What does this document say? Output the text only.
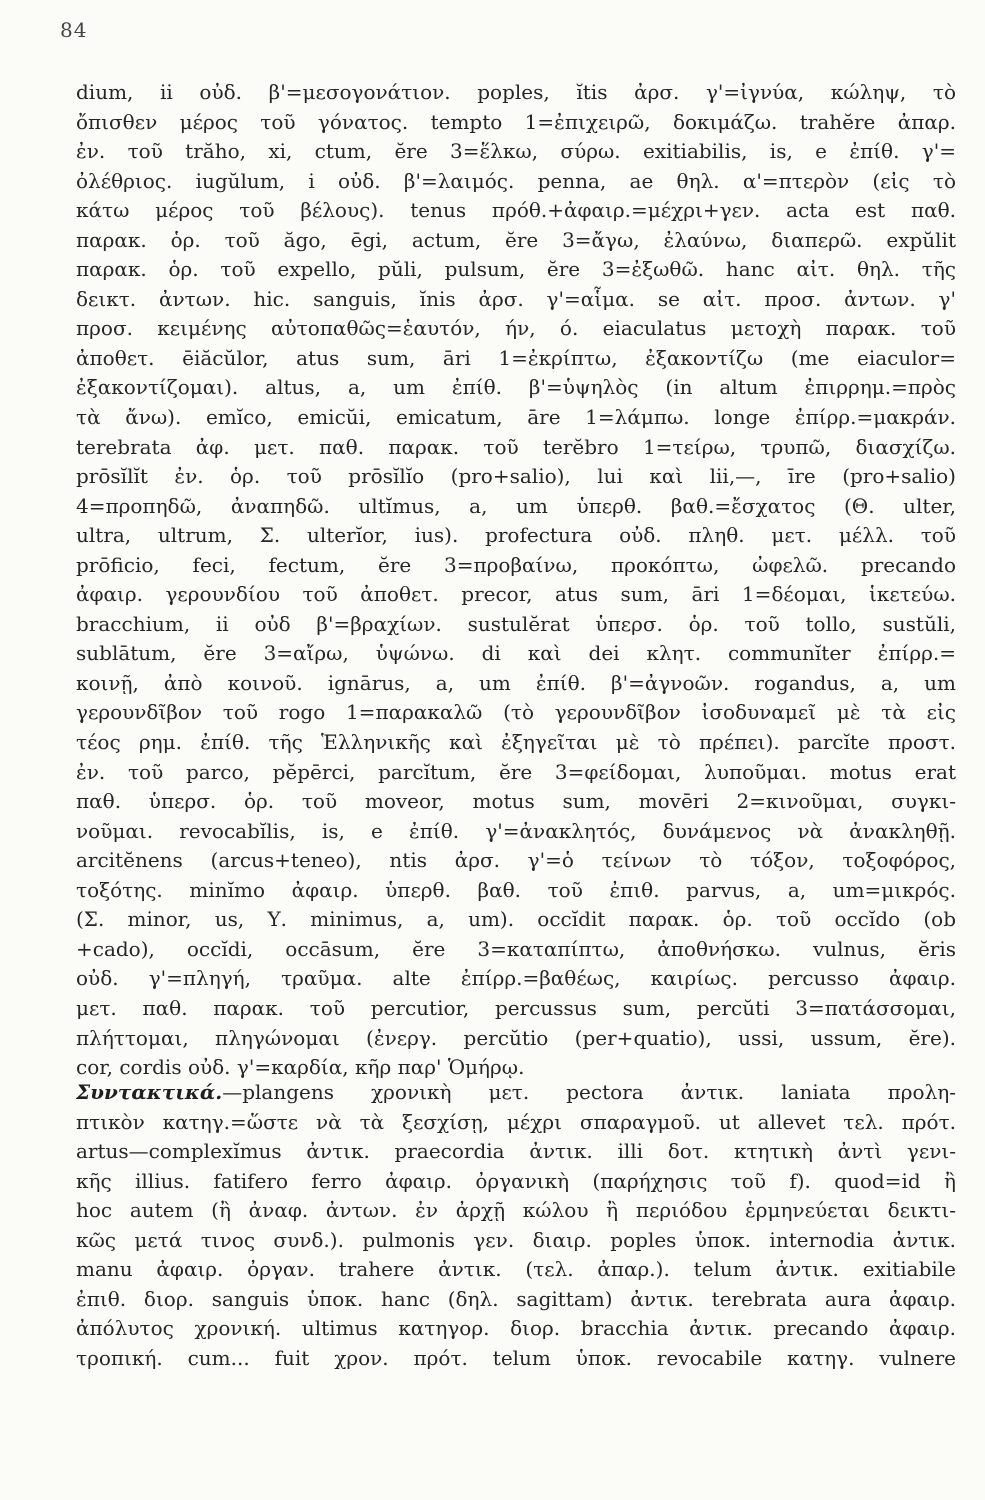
84
dium, ii οὐδ. β'=μεσογονάτιον. poples, ĭtis ἀρσ. γ'=ἰγνύα, κώληψ, τὸ
ὄπισθεν μέρος τοῦ γόνατος. tempto 1=ἐπιχειρῶ, δοκιμάζω. trahĕre ἀπαρ.
ἐν. τοῦ trăho, xi, ctum, ĕre 3=ἕλκω, σύρω. exitiabilis, is, e ἐπίθ. γ'=
ὀλέθριος. iugŭlum, i οὐδ. β'=λαιμός. penna, ae θηλ. α'=πτερὸν (εἰς τὸ
κάτω μέρος τοῦ βέλους). tenus πρόθ.+ἀφαιρ.=μέχρι+γεν. acta est παθ.
παρακ. ὁρ. τοῦ ăgo, ēgi, actum, ĕre 3=ἄγω, ἐλαύνω, διαπερῶ. expŭlit
παρακ. ὁρ. τοῦ expello, pŭli, pulsum, ĕre 3=ἐξωθῶ. hanc αἰτ. θηλ. τῆς
δεικτ. ἀντων. hic. sanguis, ĭnis ἀρσ. γ'=αἷμα. se αἰτ. προσ. ἀντων. γ'
προσ. κειμένης αὐτοπαθῶς=ἑαυτόν, ήν, ό. eiaculatus μετοχὴ παρακ. τοῦ
ἀποθετ. ēiăcŭlor, atus sum, āri 1=ἐκρίπτω, ἐξακοντίζω (me eiaculor=
ἐξακοντίζομαι). altus, a, um ἐπίθ. β'=ὑψηλὸς (in altum ἐπιρρημ.=πρὸς
τὰ ἄνω). emĭco, emicŭi, emicatum, āre 1=λάμπω. longe ἐπίρρ.=μακράν.
terebrata ἀφ. μετ. παθ. παρακ. τοῦ terĕbro 1=τείρω, τρυπῶ, διασχίζω.
prōsĭlĭt ἐν. ὁρ. τοῦ prōsĭlĭo (pro+salio), lui καὶ lii,—, īre (pro+salio)
4=προπηδῶ, ἀναπηδῶ. ultĭmus, a, um ὑπερθ. βαθ.=ἔσχατος (Θ. ulter,
ultra, ultrum, Σ. ulterĭor, ius). profectura οὐδ. πληθ. μετ. μέλλ. τοῦ
prōficio, feci, fectum, ĕre 3=προβαίνω, προκόπτω, ὠφελῶ. precando
ἀφαιρ. γερουνδίου τοῦ ἀποθετ. precor, atus sum, āri 1=δέομαι, ἱκετεύω.
bracchium, ii οὐδ β'=βραχίων. sustulĕrat ὑπερσ. ὁρ. τοῦ tollo, sustŭli,
sublātum, ĕre 3=αἴρω, ὑψώνω. di καὶ dei κλητ. communĭter ἐπίρρ.=
κοινῇ, ἀπὸ κοινοῦ. ignārus, a, um ἐπίθ. β'=ἀγνοῶν. rogandus, a, um
γερουνδῖβον τοῦ rogo 1=παρακαλῶ (τὸ γερουνδῖβον ἰσοδυναμεῖ μὲ τὰ εἰς
τέος ρημ. ἐπίθ. τῆς Ἑλληνικῆς καὶ ἐξηγεῖται μὲ τὸ πρέπει). parcĭte προστ.
ἐν. τοῦ parco, pĕpērci, parcĭtum, ĕre 3=φείδομαι, λυποῦμαι. motus erat
παθ. ὑπερσ. ὁρ. τοῦ moveor, motus sum, movēri 2=κινοῦμαι, συγκι-
νοῦμαι. revocabĭlis, is, e ἐπίθ. γ'=ἀνακλητός, δυνάμενος νὰ ἀνακληθῇ.
arcitĕnens (arcus+teneo), ntis ἀρσ. γ'=ὁ τείνων τὸ τόξον, τοξοφόρος,
τοξότης. minĭmo ἀφαιρ. ὑπερθ. βαθ. τοῦ ἐπιθ. parvus, a, um=μικρός.
(Σ. minor, us, Υ. minimus, a, um). occĭdit παρακ. ὁρ. τοῦ occĭdo (ob
+cado), occĭdi, occāsum, ĕre 3=καταπίπτω, ἀποθνήσκω. vulnus, ĕris
οὐδ. γ'=πληγή, τραῦμα. alte ἐπίρρ.=βαθέως, καιρίως. percusso ἀφαιρ.
μετ. παθ. παρακ. τοῦ percutior, percussus sum, percŭti 3=πατάσσομαι,
πλήττομαι, πληγώνομαι (ἐνεργ. percŭtio (per+quatio), ussi, ussum, ĕre).
cor, cordis οὐδ. γ'=καρδία, κῆρ παρ' Ὁμήρῳ.
Συντακτικά.—plangens χρονικὴ μετ. pectora ἀντικ. laniata προλη-
πτικὸν κατηγ.=ὥστε νὰ τὰ ξεσχίσῃ, μέχρι σπαραγμοῦ. ut allevet τελ. πρότ.
artus—complexĭmus ἀντικ. praecordia ἀντικ. illi δοτ. κτητικὴ ἀντὶ γενι-
κῆς illius. fatifero ferro ἀφαιρ. ὀργανικὴ (παρήχησις τοῦ f). quod=id ἢ
hoc autem (ἢ ἀναφ. ἀντων. ἐν ἀρχῇ κώλου ἢ περιόδου ἑρμηνεύεται δεικτι-
κῶς μετά τινος συνδ.). pulmonis γεν. διαιρ. poples ὑποκ. internodia ἀντικ.
manu ἀφαιρ. ὀργαν. trahere ἀντικ. (τελ. ἀπαρ.). telum ἀντικ. exitiabile
ἐπιθ. διορ. sanguis ὑποκ. hanc (δηλ. sagittam) ἀντικ. terebrata aura ἀφαιρ.
ἀπόλυτος χρονική. ultimus κατηγορ. διορ. bracchia ἀντικ. precando ἀφαιρ.
τροπική. cum... fuit χρον. πρότ. telum ὑποκ. revocabile κατηγ. vulnere
